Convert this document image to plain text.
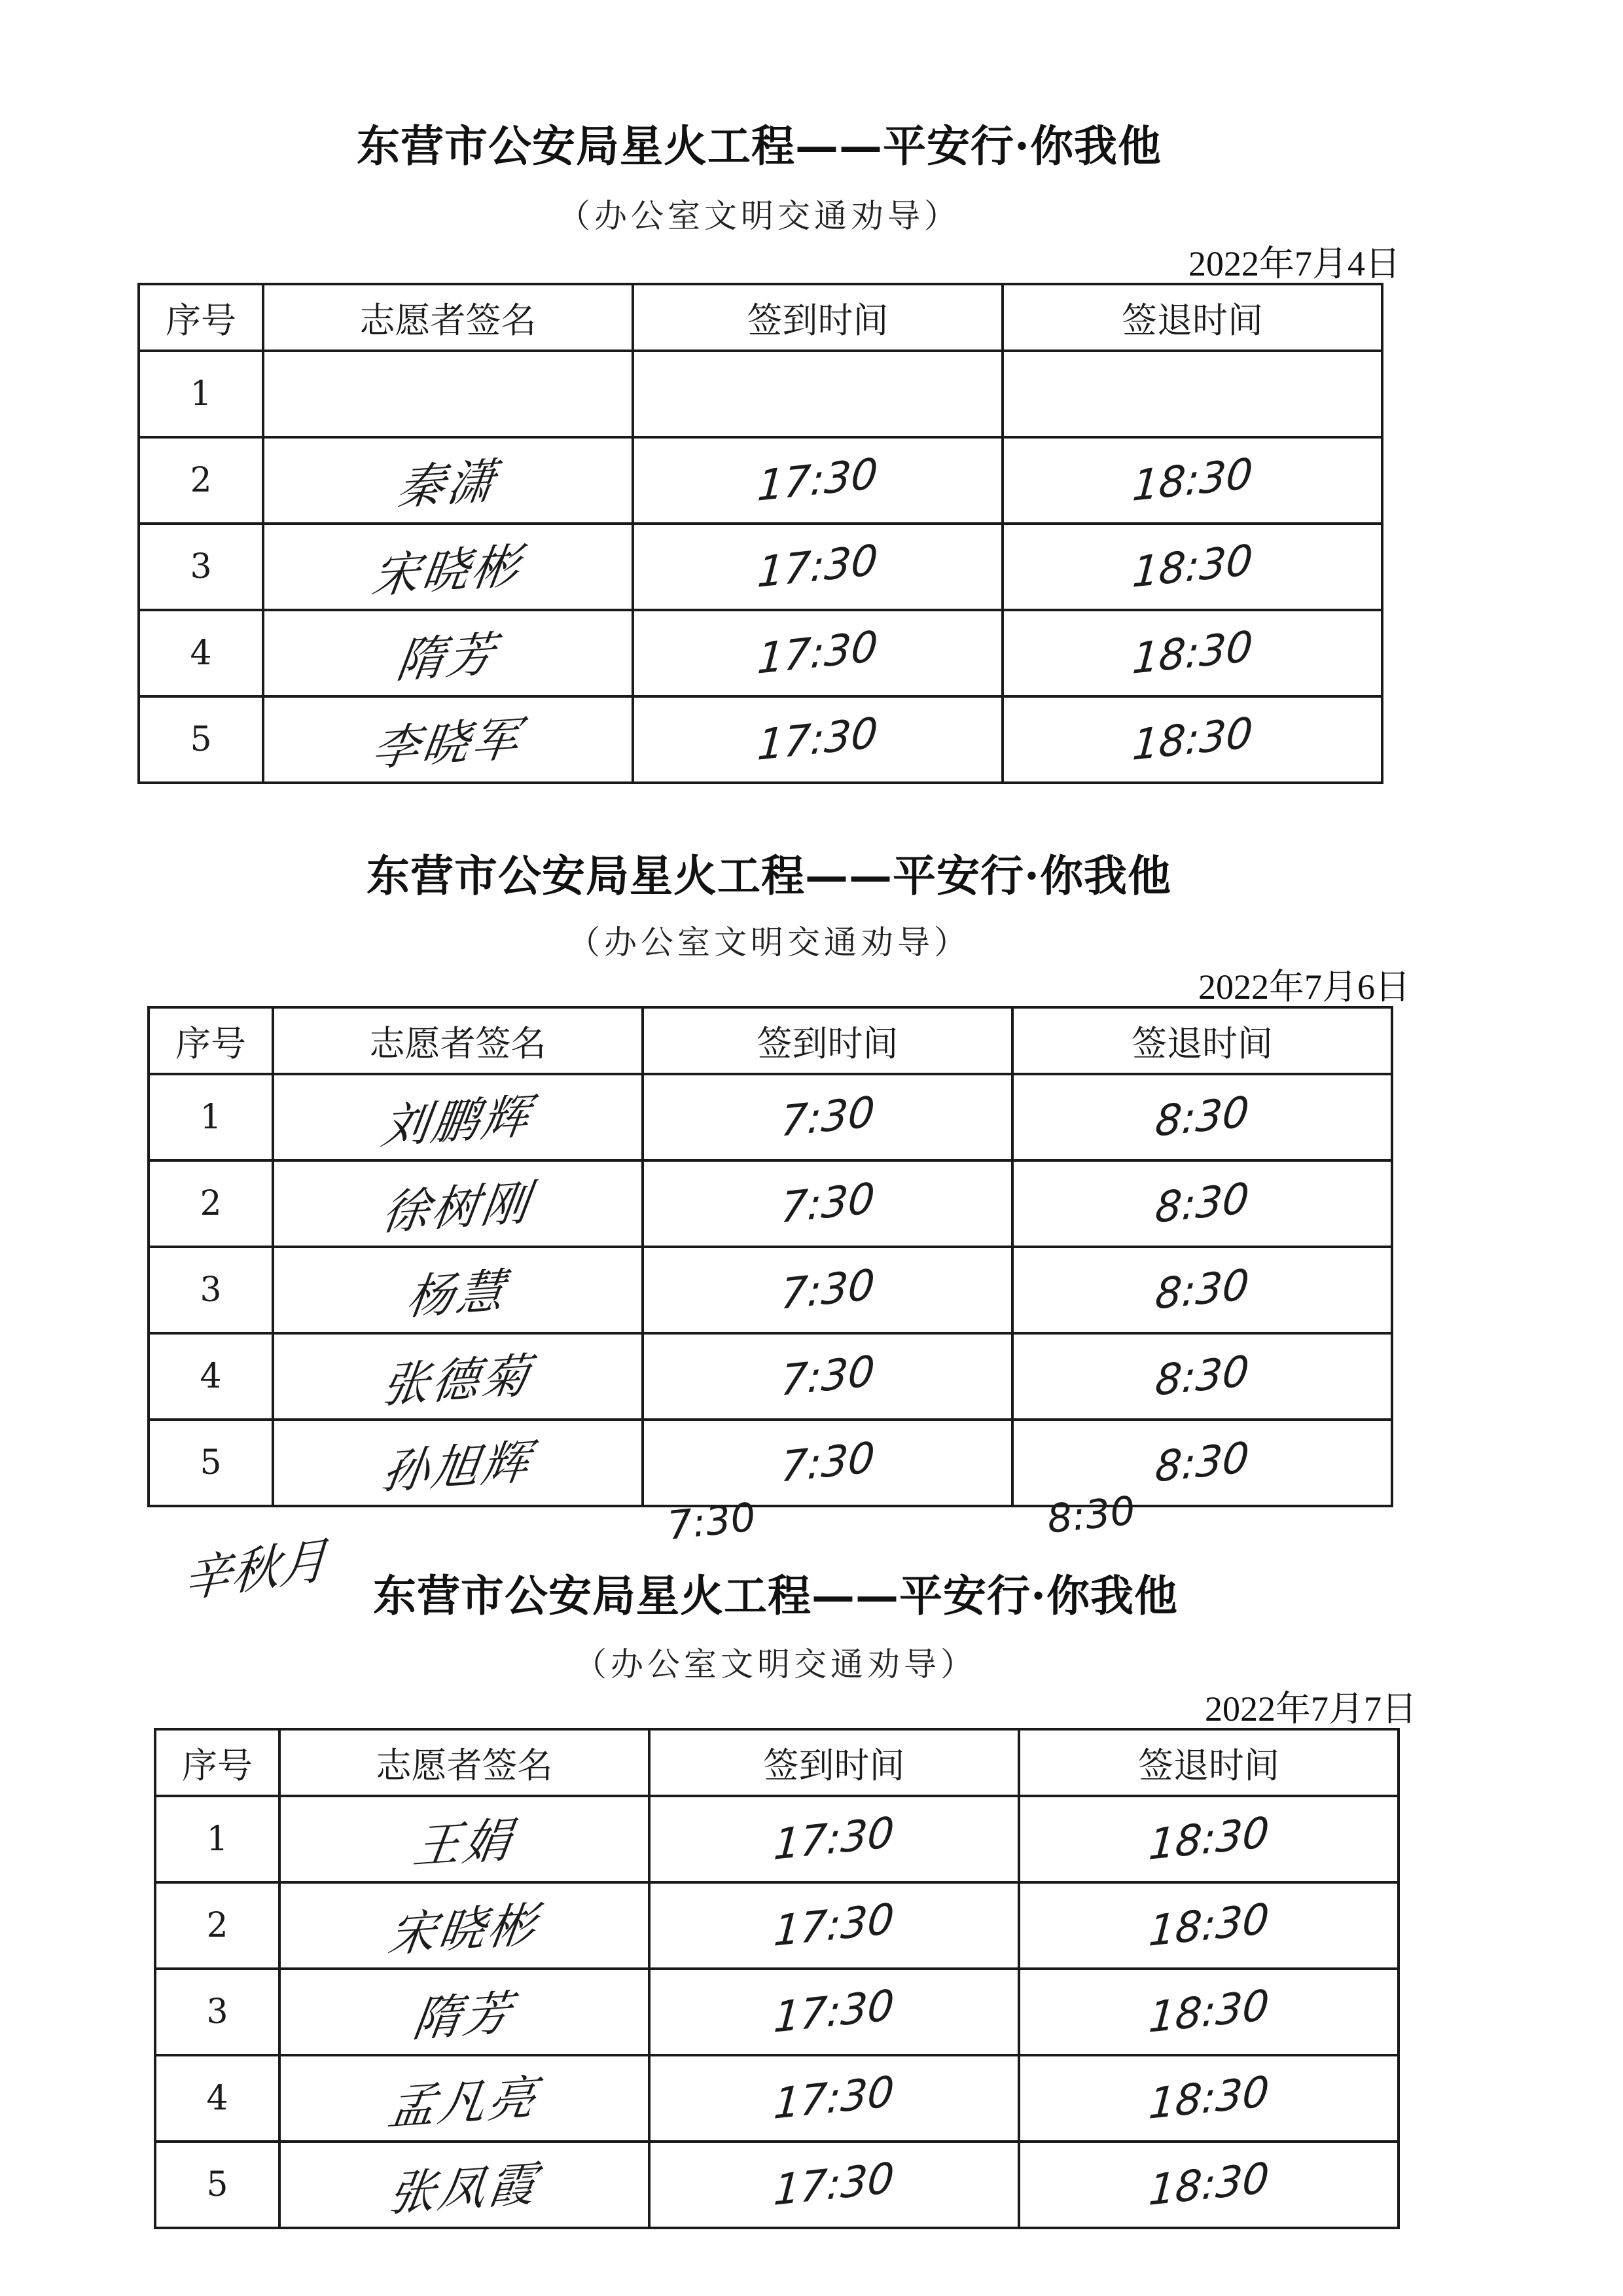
东营市公安局星火工程——平安行·你我他
（办公室文明交通劝导）
2022年7月4日
序号	志愿者签名	签到时间	签退时间
1			
2	秦潇	17:30	18:30
3	宋晓彬	17:30	18:30
4	隋芳	17:30	18:30
5	李晓军	17:30	18:30
东营市公安局星火工程——平安行·你我他
（办公室文明交通劝导）
2022年7月6日
序号	志愿者签名	签到时间	签退时间
1	刘鹏辉	7:30	8:30
2	徐树刚	7:30	8:30
3	杨慧	7:30	8:30
4	张德菊	7:30	8:30
5	孙旭辉	7:30	8:30
辛秋月
7:30	8:30
东营市公安局星火工程——平安行·你我他
（办公室文明交通劝导）
2022年7月7日
序号	志愿者签名	签到时间	签退时间
1	王娟	17:30	18:30
2	宋晓彬	17:30	18:30
3	隋芳	17:30	18:30
4	孟凡亮	17:30	18:30
5	张凤霞	17:30	18:30
